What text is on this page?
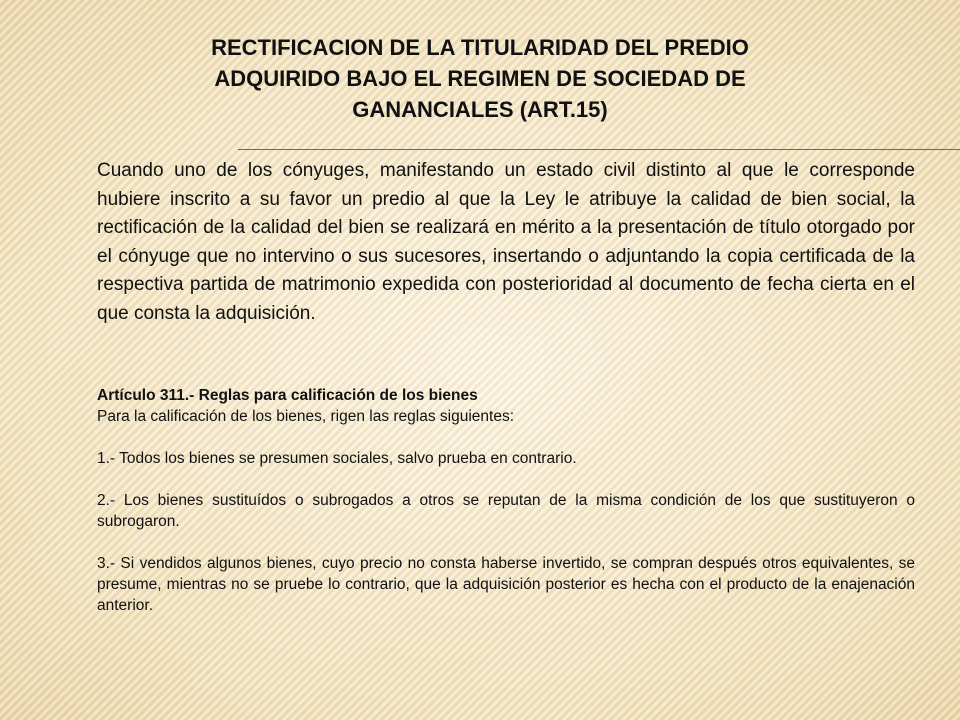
RECTIFICACION DE LA TITULARIDAD DEL PREDIO
ADQUIRIDO BAJO EL REGIMEN DE SOCIEDAD DE
GANANCIALES (ART.15)

Cuando uno de los cónyuges, manifestando un estado civil distinto al que le corresponde hubiere inscrito a su favor un predio al que la Ley le atribuye la calidad de bien social, la rectificación de la calidad del bien se realizará en mérito a la presentación de título otorgado por el cónyuge que no intervino o sus sucesores, insertando o adjuntando la copia certificada de la respectiva partida de matrimonio expedida con posterioridad al documento de fecha cierta en el que consta la adquisición.

Artículo 311.- Reglas para calificación de los bienes

Para la calificación de los bienes, rigen las reglas siguientes:

1.- Todos los bienes se presumen sociales, salvo prueba en contrario.

2.- Los bienes sustituídos o subrogados a otros se reputan de la misma condición de los que sustituyeron o subrogaron.

3.- Si vendidos algunos bienes, cuyo precio no consta haberse invertido, se compran después otros equivalentes, se presume, mientras no se pruebe lo contrario, que la adquisición posterior es hecha con el producto de la enajenación anterior.
